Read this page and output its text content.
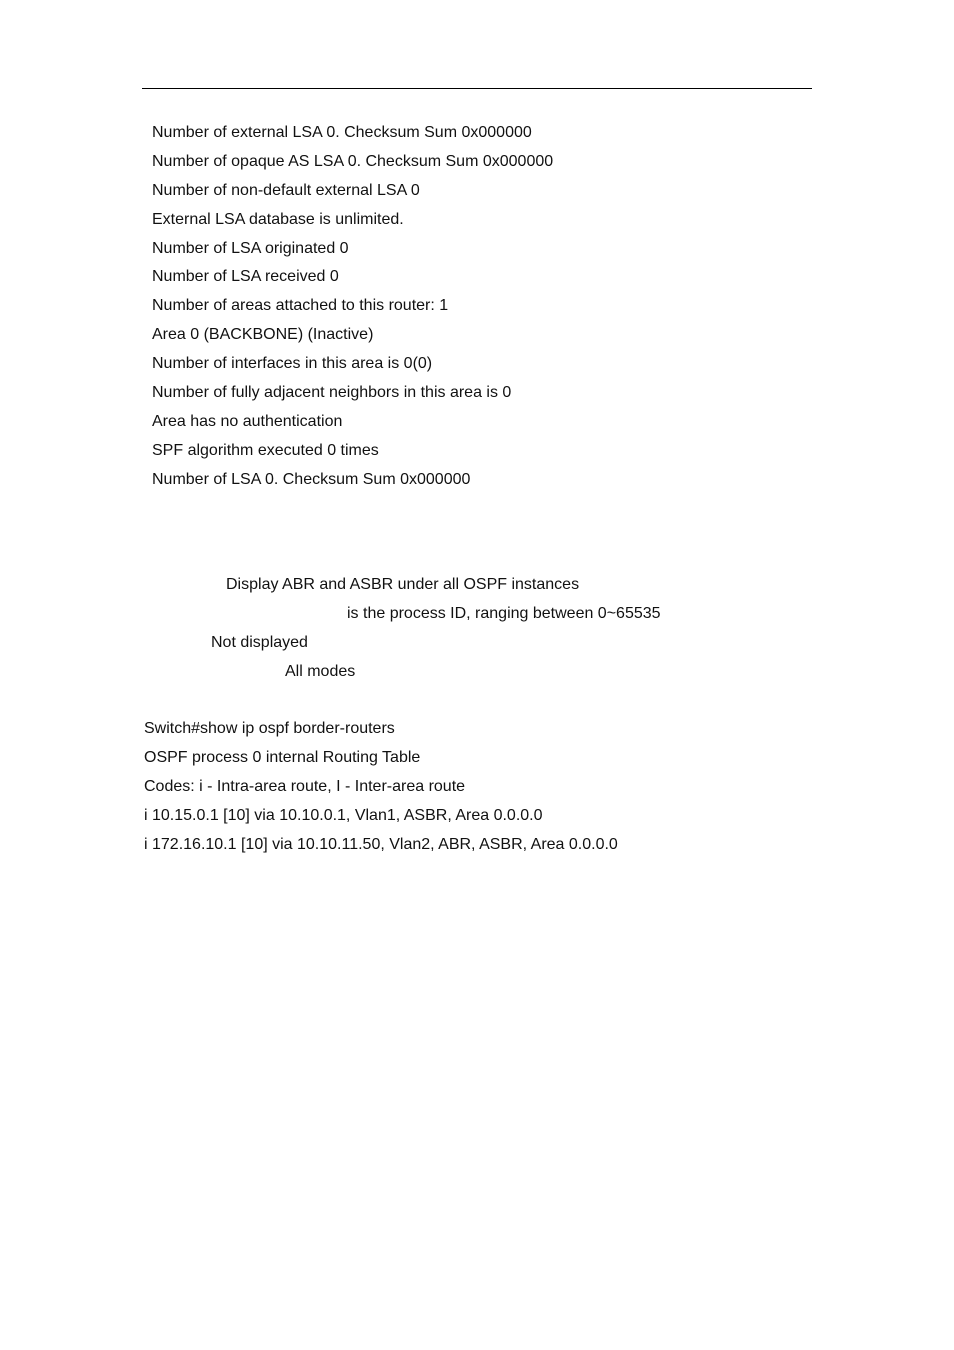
Number of external LSA 0. Checksum Sum 0x000000
Number of opaque AS LSA 0. Checksum Sum 0x000000
Number of non-default external LSA 0
External LSA database is unlimited.
Number of LSA originated 0
Number of LSA received 0
Number of areas attached to this router: 1
Area 0 (BACKBONE) (Inactive)
Number of interfaces in this area is 0(0)
Number of fully adjacent neighbors in this area is 0
Area has no authentication
SPF algorithm executed 0 times
Number of LSA 0. Checksum Sum 0x000000
Display ABR and ASBR under all OSPF instances
is the process ID, ranging between 0~65535
Not displayed
All modes
Switch#show ip ospf border-routers
OSPF process 0 internal Routing Table
Codes: i - Intra-area route, I - Inter-area route
i 10.15.0.1 [10] via 10.10.0.1, Vlan1, ASBR, Area 0.0.0.0
i 172.16.10.1 [10] via 10.10.11.50, Vlan2, ABR, ASBR, Area 0.0.0.0
